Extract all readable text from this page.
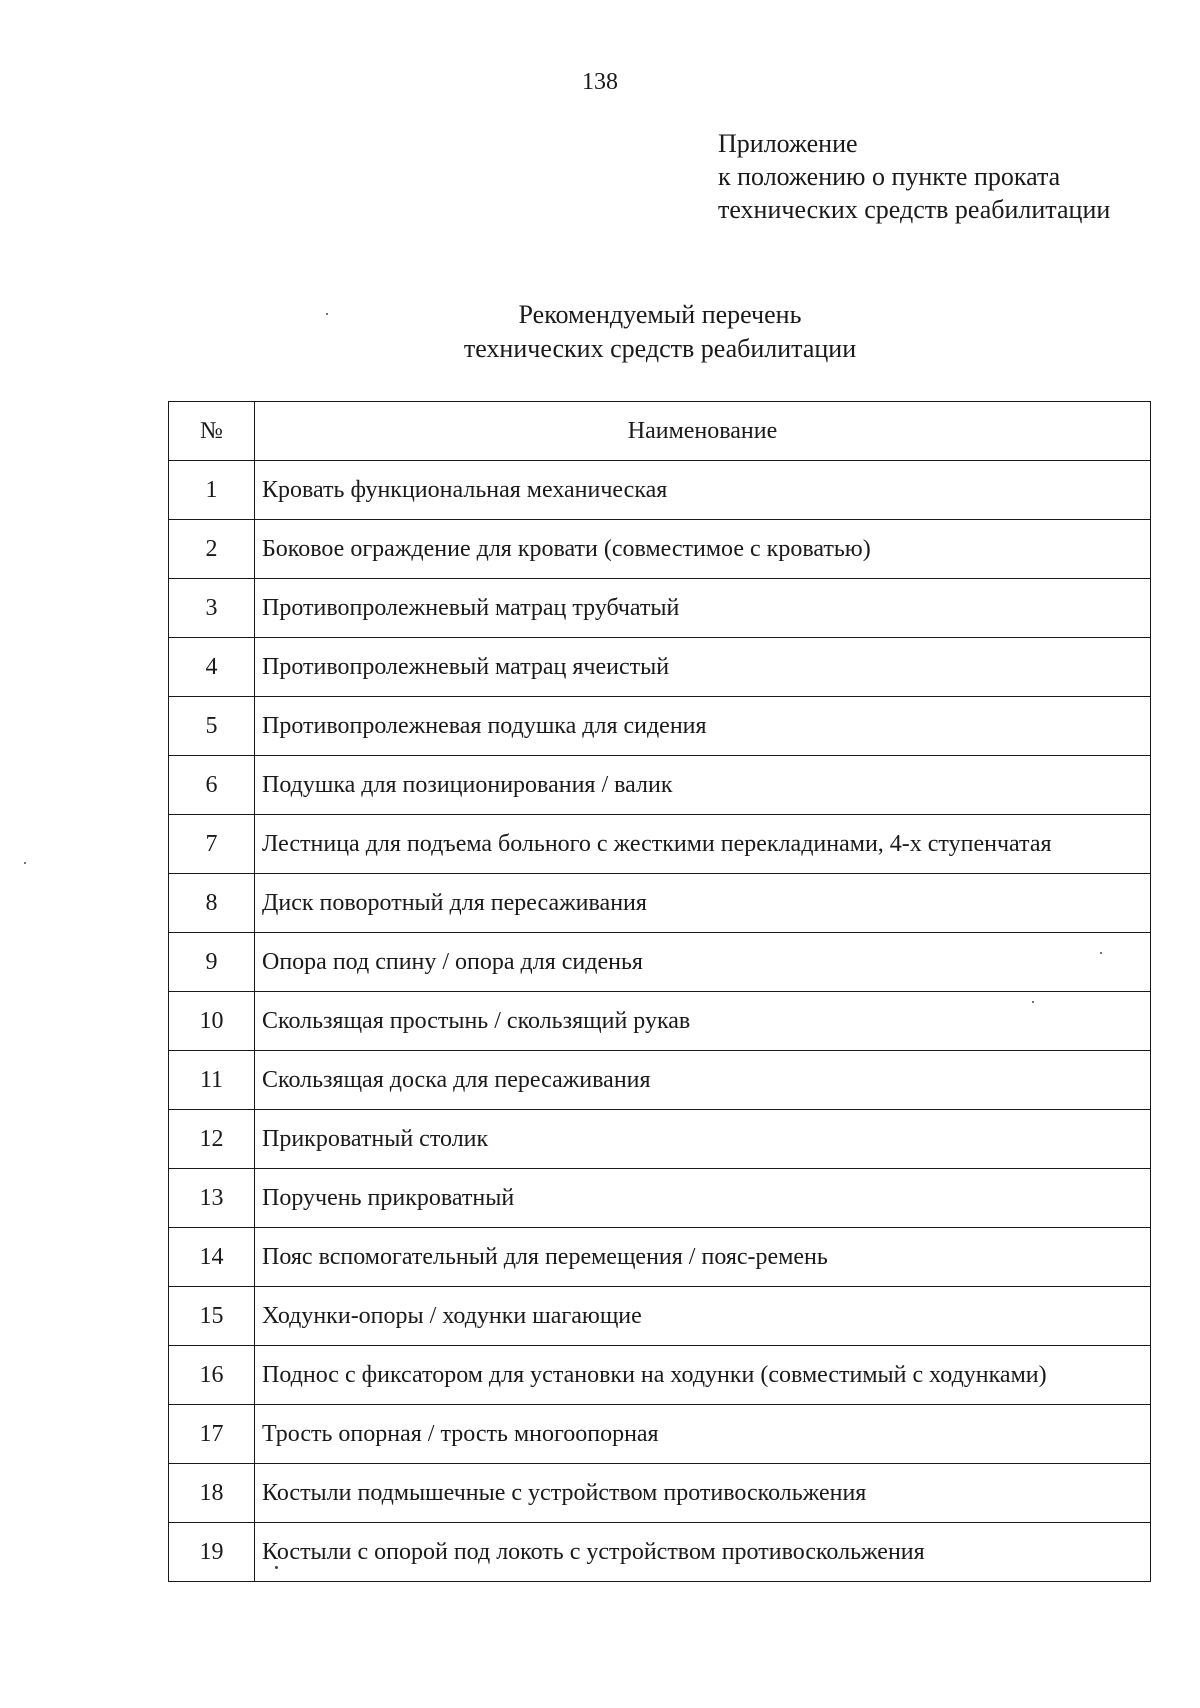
138
Приложение
к положению о пункте проката
технических средств реабилитации
Рекомендуемый перечень
технических средств реабилитации
№	Наименование
1	Кровать функциональная механическая
2	Боковое ограждение для кровати (совместимое с кроватью)
3	Противопролежневый матрац трубчатый
4	Противопролежневый матрац ячеистый
5	Противопролежневая подушка для сидения
6	Подушка для позиционирования / валик
7	Лестница для подъема больного с жесткими перекладинами, 4-х ступенчатая
8	Диск поворотный для пересаживания
9	Опора под спину / опора для сиденья
10	Скользящая простынь / скользящий рукав
11	Скользящая доска для пересаживания
12	Прикроватный столик
13	Поручень прикроватный
14	Пояс вспомогательный для перемещения / пояс-ремень
15	Ходунки-опоры / ходунки шагающие
16	Поднос с фиксатором для установки на ходунки (совместимый с ходунками)
17	Трость опорная / трость многоопорная
18	Костыли подмышечные с устройством противоскольжения
19	Костыли с опорой под локоть с устройством противоскольжения
